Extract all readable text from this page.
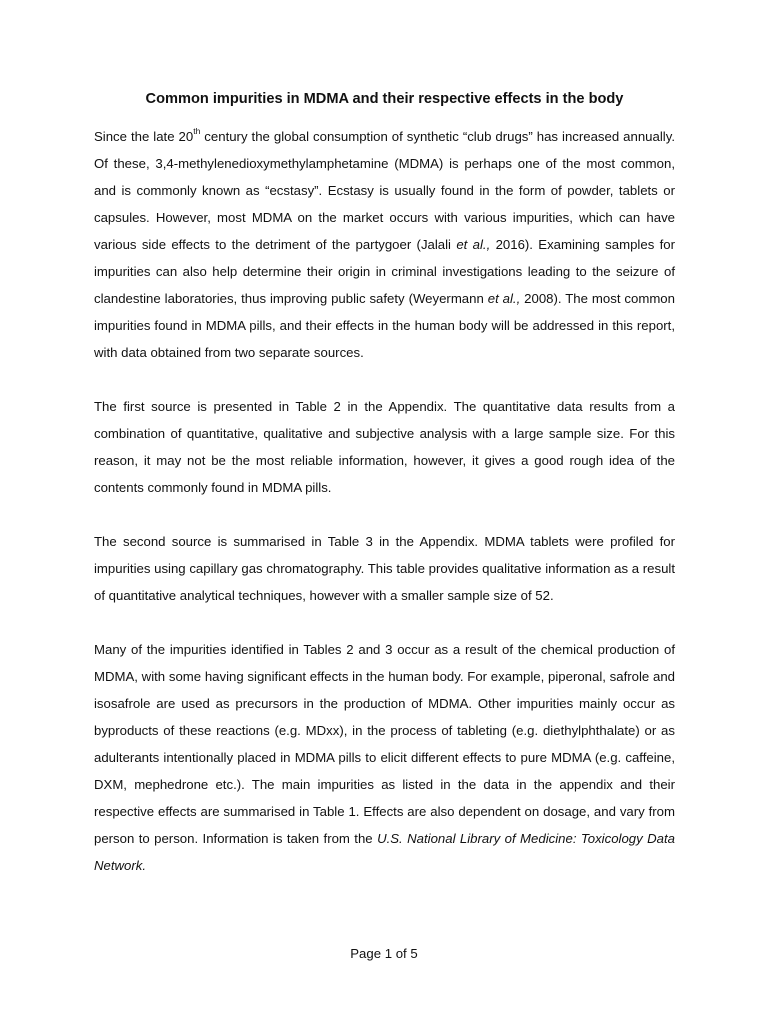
Common impurities in MDMA and their respective effects in the body

Since the late 20th century the global consumption of synthetic “club drugs” has increased annually. Of these, 3,4-methylenedioxymethylamphetamine (MDMA) is perhaps one of the most common, and is commonly known as “ecstasy”. Ecstasy is usually found in the form of powder, tablets or capsules. However, most MDMA on the market occurs with various impurities, which can have various side effects to the detriment of the partygoer (Jalali et al., 2016). Examining samples for impurities can also help determine their origin in criminal investigations leading to the seizure of clandestine laboratories, thus improving public safety (Weyermann et al., 2008). The most common impurities found in MDMA pills, and their effects in the human body will be addressed in this report, with data obtained from two separate sources.

The first source is presented in Table 2 in the Appendix. The quantitative data results from a combination of quantitative, qualitative and subjective analysis with a large sample size. For this reason, it may not be the most reliable information, however, it gives a good rough idea of the contents commonly found in MDMA pills.

The second source is summarised in Table 3 in the Appendix. MDMA tablets were profiled for impurities using capillary gas chromatography. This table provides qualitative information as a result of quantitative analytical techniques, however with a smaller sample size of 52.

Many of the impurities identified in Tables 2 and 3 occur as a result of the chemical production of MDMA, with some having significant effects in the human body. For example, piperonal, safrole and isosafrole are used as precursors in the production of MDMA. Other impurities mainly occur as byproducts of these reactions (e.g. MDxx), in the process of tableting (e.g. diethylphthalate) or as adulterants intentionally placed in MDMA pills to elicit different effects to pure MDMA (e.g. caffeine, DXM, mephedrone etc.). The main impurities as listed in the data in the appendix and their respective effects are summarised in Table 1. Effects are also dependent on dosage, and vary from person to person. Information is taken from the U.S. National Library of Medicine: Toxicology Data Network.

Page 1 of 5
